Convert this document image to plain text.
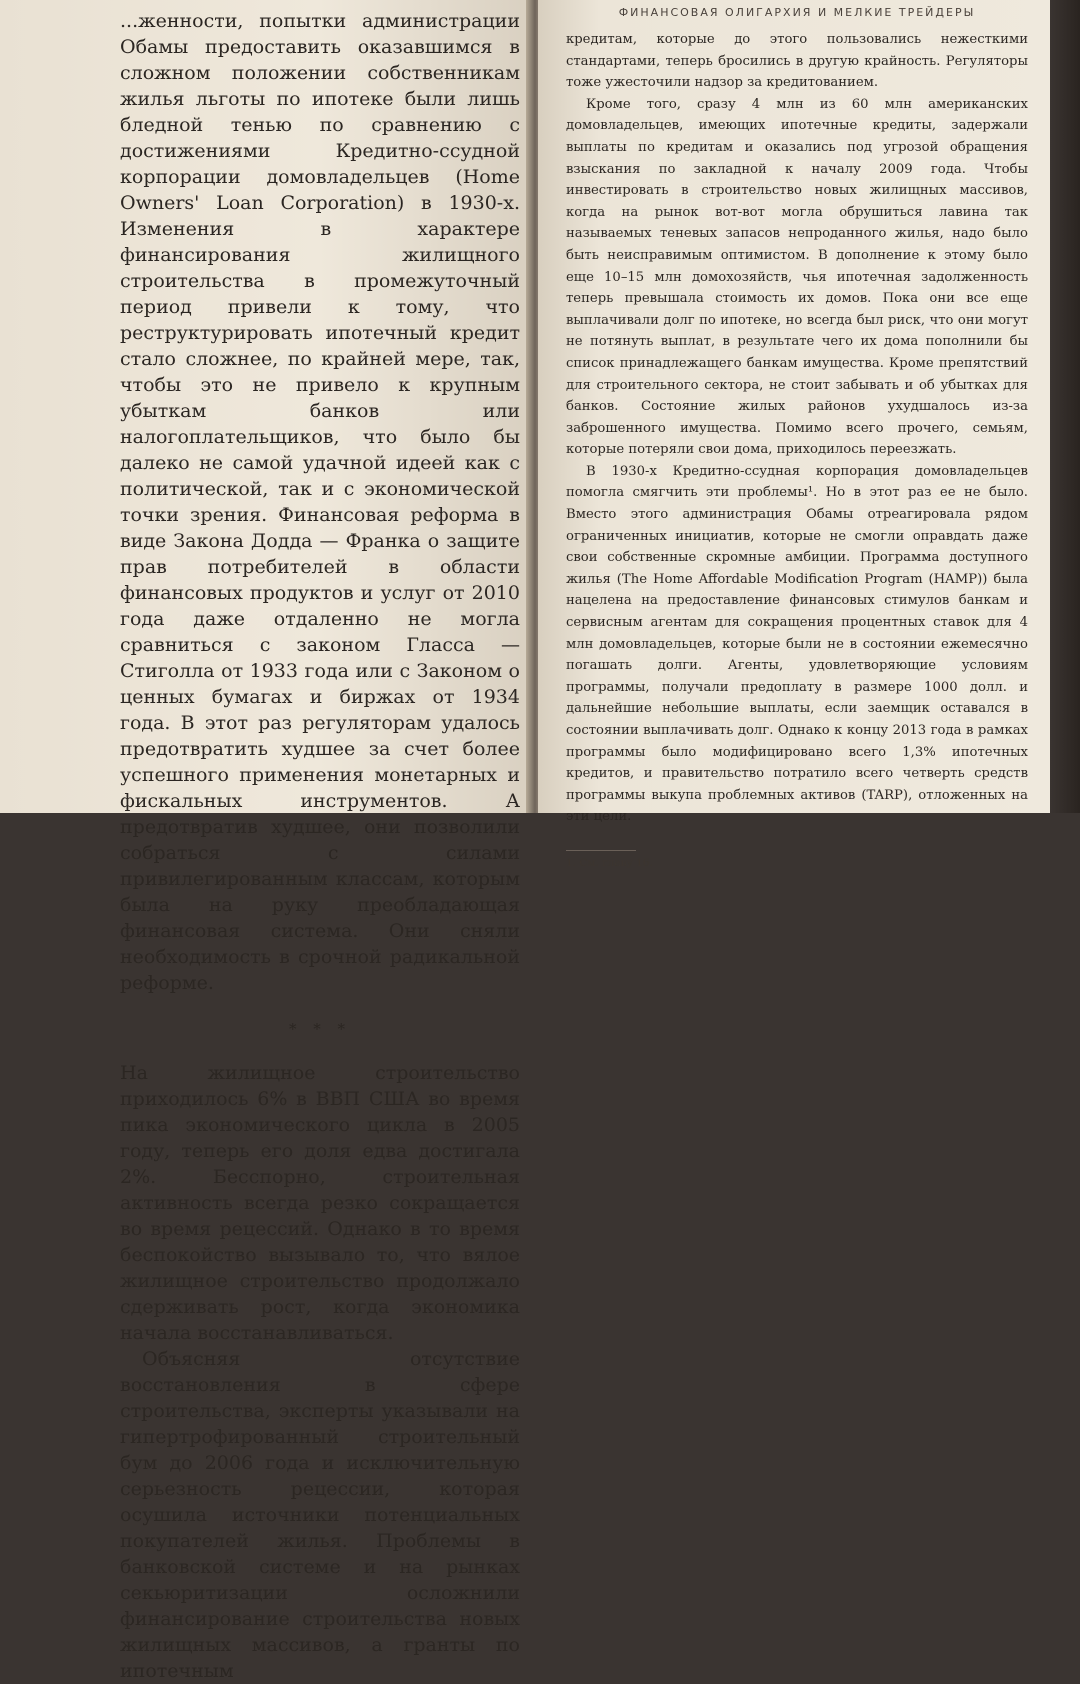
...женности, попытки администрации Обамы предоставить оказавшимся в сложном положении собственникам жилья льготы по ипотеке были лишь бледной тенью по сравнению с достижениями Кредитно-ссудной корпорации домовладельцев (Home Owners' Loan Corporation) в 1930-х. Изменения в характере финансирования жилищного строительства в промежуточный период привели к тому, что реструктурировать ипотечный кредит стало сложнее, по крайней мере, так, чтобы это не привело к крупным убыткам банков или налогоплательщиков, что было бы далеко не самой удачной идеей как с политической, так и с экономической точки зрения. Финансовая реформа в виде Закона Додда — Франка о защите прав потребителей в области финансовых продуктов и услуг от 2010 года даже отдаленно не могла сравниться с законом Гласса — Стиголла от 1933 года или с Законом о ценных бумагах и биржах от 1934 года. В этот раз регуляторам удалось предотвратить худшее за счет более успешного применения монетарных и фискальных инструментов. А предотвратив худшее, они позволили собраться с силами привилегированным классам, которым была на руку преобладающая финансовая система. Они сняли необходимость в срочной радикальной реформе.

* * *

На жилищное строительство приходилось 6% в ВВП США во время пика экономического цикла в 2005 году, теперь его доля едва достигала 2%. Бесспорно, строительная активность всегда резко сокращается во время рецессий. Однако в то время беспокойство вызывало то, что вялое жилищное строительство продолжало сдерживать рост, когда экономика начала восстанавливаться.

Объясняя отсутствие восстановления в сфере строительства, эксперты указывали на гипертрофированный строительный бум до 2006 года и исключительную серьезность рецессии, которая осушила источники потенциальных покупателей жилья. Проблемы в банковской системе и на рынках секьюритизации осложнили финансирование строительства новых жилищных массивов, а гранты по ипотечным

ФИНАНСОВАЯ ОЛИГАРХИЯ И МЕЛКИЕ ТРЕЙДЕРЫ

кредитам, которые до этого пользовались нежесткими стандартами, теперь бросились в другую крайность. Регуляторы тоже ужесточили надзор за кредитованием.

Кроме того, сразу 4 млн из 60 млн американских домовладельцев, имеющих ипотечные кредиты, задержали выплаты по кредитам и оказались под угрозой обращения взыскания по закладной к началу 2009 года. Чтобы инвестировать в строительство новых жилищных массивов, когда на рынок вот-вот могла обрушиться лавина так называемых теневых запасов непроданного жилья, надо было быть неисправимым оптимистом. В дополнение к этому было еще 10–15 млн домохозяйств, чья ипотечная задолженность теперь превышала стоимость их домов. Пока они все еще выплачивали долг по ипотеке, но всегда был риск, что они могут не потянуть выплат, в результате чего их дома пополнили бы список принадлежащего банкам имущества. Кроме препятствий для строительного сектора, не стоит забывать и об убытках для банков. Состояние жилых районов ухудшалось из-за заброшенного имущества. Помимо всего прочего, семьям, которые потеряли свои дома, приходилось переезжать.

В 1930-х Кредитно-ссудная корпорация домовладельцев помогла смягчить эти проблемы¹. Но в этот раз ее не было. Вместо этого администрация Обамы отреагировала рядом ограниченных инициатив, которые не смогли оправдать даже свои собственные скромные амбиции. Программа доступного жилья (The Home Affordable Modification Program (HAMP)) была нацелена на предоставление финансовых стимулов банкам и сервисным агентам для сокращения процентных ставок для 4 млн домовладельцев, которые были не в состоянии ежемесячно погашать долги. Агенты, удовлетворяющие условиям программы, получали предоплату в размере 1000 долл. и дальнейшие небольшие выплаты, если заемщик оставался в состоянии выплачивать долг. Однако к концу 2013 года в рамках программы было модифицировано всего 1,3% ипотечных кредитов, и правительство потратило всего четверть средств программы выкупа проблемных активов (TARP), отложенных на эти цели.

1. См. главу 16.
